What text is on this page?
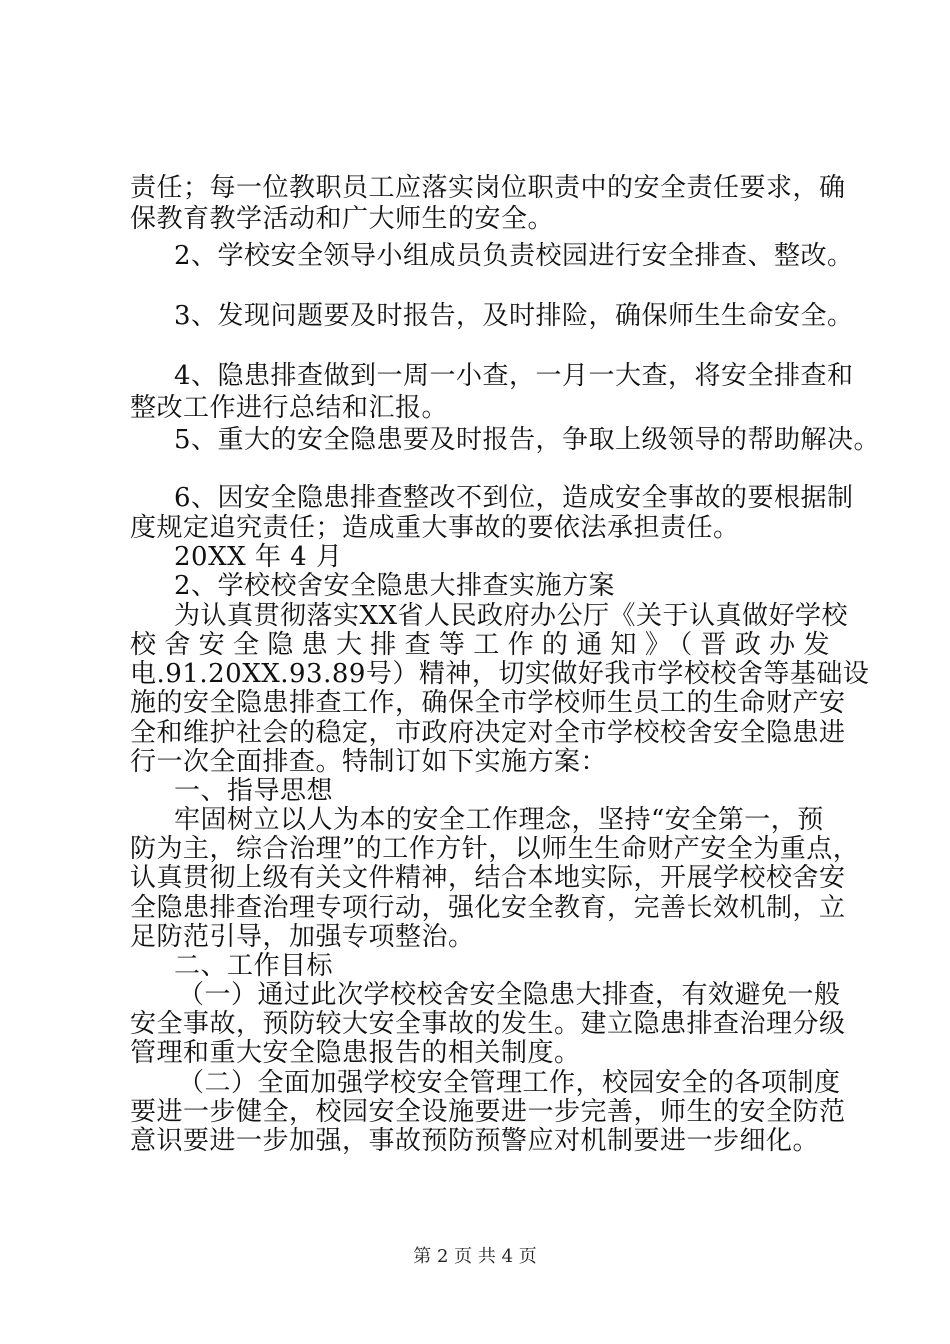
责任；每一位教职员工应落实岗位职责中的安全责任要求，确
保教育教学活动和广大师生的安全。
2、学校安全领导小组成员负责校园进行安全排查、整改。
3、发现问题要及时报告，及时排险，确保师生生命安全。
4、隐患排查做到一周一小查，一月一大查，将安全排查和
整改工作进行总结和汇报。
5、重大的安全隐患要及时报告，争取上级领导的帮助解决。
6、因安全隐患排查整改不到位，造成安全事故的要根据制
度规定追究责任；造成重大事故的要依法承担责任。
20XX 年 4 月
2、学校校舍安全隐患大排查实施方案
为认真贯彻落实XX省人民政府办公厅《关于认真做好学校
校舍安全隐患大排查等工作的通知》（晋政办发
电.91.20XX.93.89号）精神，切实做好我市学校校舍等基础设
施的安全隐患排查工作，确保全市学校师生员工的生命财产安
全和维护社会的稳定，市政府决定对全市学校校舍安全隐患进
行一次全面排查。特制订如下实施方案：
一、指导思想
牢固树立以人为本的安全工作理念，坚持“安全第一，预
防为主，综合治理”的工作方针，以师生生命财产安全为重点，
认真贯彻上级有关文件精神，结合本地实际，开展学校校舍安
全隐患排查治理专项行动，强化安全教育，完善长效机制，立
足防范引导，加强专项整治。
二、工作目标
（一）通过此次学校校舍安全隐患大排查，有效避免一般
安全事故，预防较大安全事故的发生。建立隐患排查治理分级
管理和重大安全隐患报告的相关制度。
（二）全面加强学校安全管理工作，校园安全的各项制度
要进一步健全，校园安全设施要进一步完善，师生的安全防范
意识要进一步加强，事故预防预警应对机制要进一步细化。
第 2 页 共 4 页
